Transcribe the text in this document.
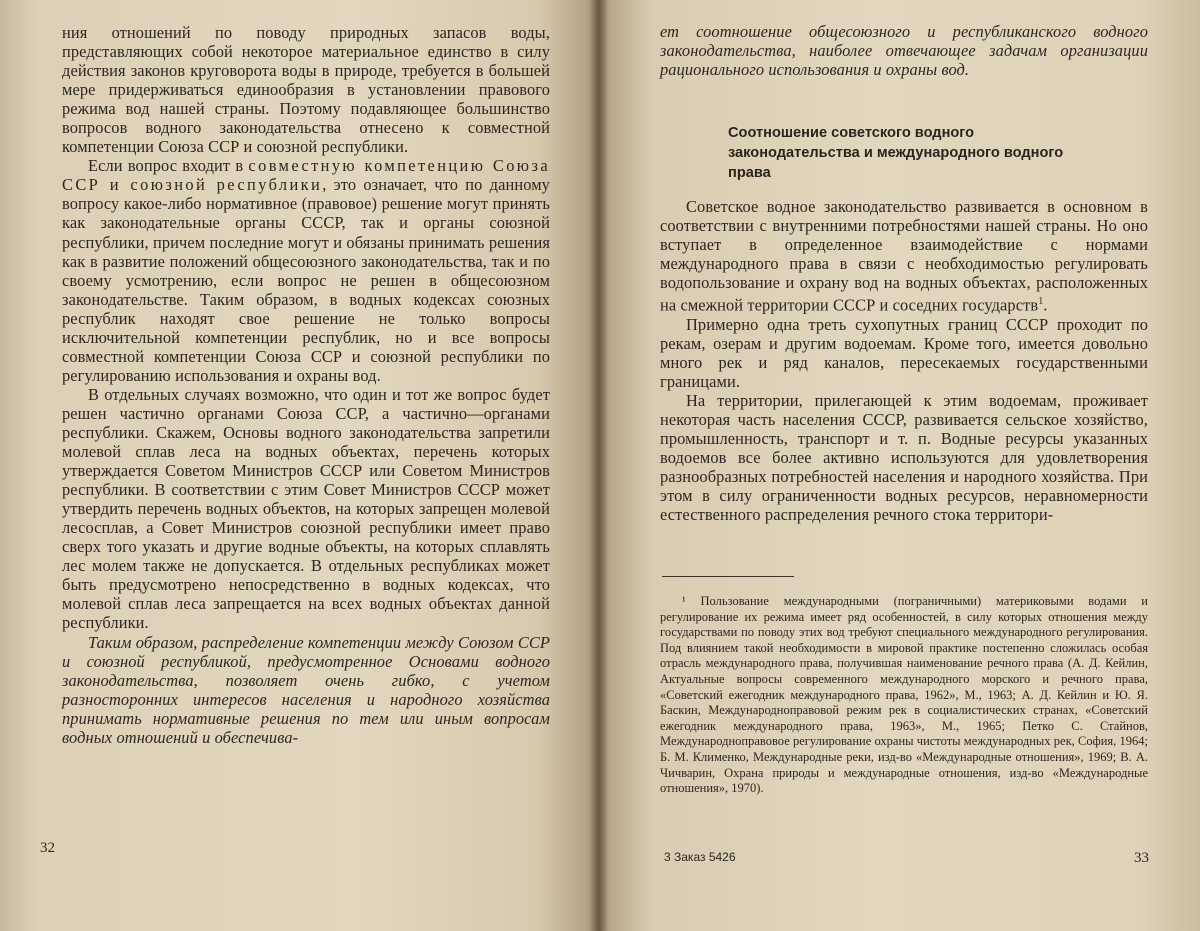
ния отношений по поводу природных запасов воды, представляющих собой некоторое материальное единство в силу действия законов круговорота воды в природе, требуется в большей мере придерживаться единообразия в установлении правового режима вод нашей страны. Поэтому подавляющее большинство вопросов водного законодательства отнесено к совместной компетенции Союза ССР и союзной республики.

Если вопрос входит в совместную компетенцию Союза ССР и союзной республики, это означает, что по данному вопросу какое-либо нормативное (правовое) решение могут принять как законодательные органы СССР, так и органы союзной республики, причем последние могут и обязаны принимать решения как в развитие положений общесоюзного законодательства, так и по своему усмотрению, если вопрос не решен в общесоюзном законодательстве. Таким образом, в водных кодексах союзных республик находят свое решение не только вопросы исключительной компетенции республик, но и все вопросы совместной компетенции Союза ССР и союзной республики по регулированию использования и охраны вод.

В отдельных случаях возможно, что один и тот же вопрос будет решен частично органами Союза ССР, а частично—органами республики. Скажем, Основы водного законодательства запретили молевой сплав леса на водных объектах, перечень которых утверждается Советом Министров СССР или Советом Министров республики. В соответствии с этим Совет Министров СССР может утвердить перечень водных объектов, на которых запрещен молевой лесосплав, а Совет Министров союзной республики имеет право сверх того указать и другие водные объекты, на которых сплавлять лес молем также не допускается. В отдельных республиках может быть предусмотрено непосредственно в водных кодексах, что молевой сплав леса запрещается на всех водных объектах данной республики.

Таким образом, распределение компетенции между Союзом ССР и союзной республикой, предусмотренное Основами водного законодательства, позволяет очень гибко, с учетом разносторонних интересов населения и народного хозяйства принимать нормативные решения по тем или иным вопросам водных отношений и обеспечива-

32
ет соотношение общесоюзного и республиканского водного законодательства, наиболее отвечающее задачам организации рационального использования и охраны вод.
Соотношение советского водного законодательства и международного водного права

Советское водное законодательство развивается в основном в соответствии с внутренними потребностями нашей страны. Но оно вступает в определенное взаимодействие с нормами международного права в связи с необходимостью регулировать водопользование и охрану вод на водных объектах, расположенных на смежной территории СССР и соседних государств$^1$.

Примерно одна треть сухопутных границ СССР проходит по рекам, озерам и другим водоемам. Кроме того, имеется довольно много рек и ряд каналов, пересекаемых государственными границами.

На территории, прилегающей к этим водоемам, проживает некоторая часть населения СССР, развивается сельское хозяйство, промышленность, транспорт и т. п. Водные ресурсы указанных водоемов все более активно используются для удовлетворения разнообразных потребностей населения и народного хозяйства. При этом в силу ограниченности водных ресурсов, неравномерности естественного распределения речного стока территори-

¹ Пользование международными (пограничными) материковыми водами и регулирование их режима имеет ряд особенностей, в силу которых отношения между государствами по поводу этих вод требуют специального международного регулирования. Под влиянием такой необходимости в мировой практике постепенно сложилась особая отрасль международного права, получившая наименование речного права (А. Д. Кейлин, Актуальные вопросы современного международного морского и речного права, «Советский ежегодник международного права, 1962», М., 1963; А. Д. Кейлин и Ю. Я. Баскин, Международноправовой режим рек в социалистических странах, «Советский ежегодник международного права, 1963», М., 1965; Петко С. Стайнов, Международноправовое регулирование охраны чистоты международных рек, София, 1964; Б. М. Клименко, Международные реки, изд-во «Международные отношения», 1969; В. А. Чичварин, Охрана природы и международные отношения, изд-во «Международные отношения», 1970).
3 Заказ 5426	33
